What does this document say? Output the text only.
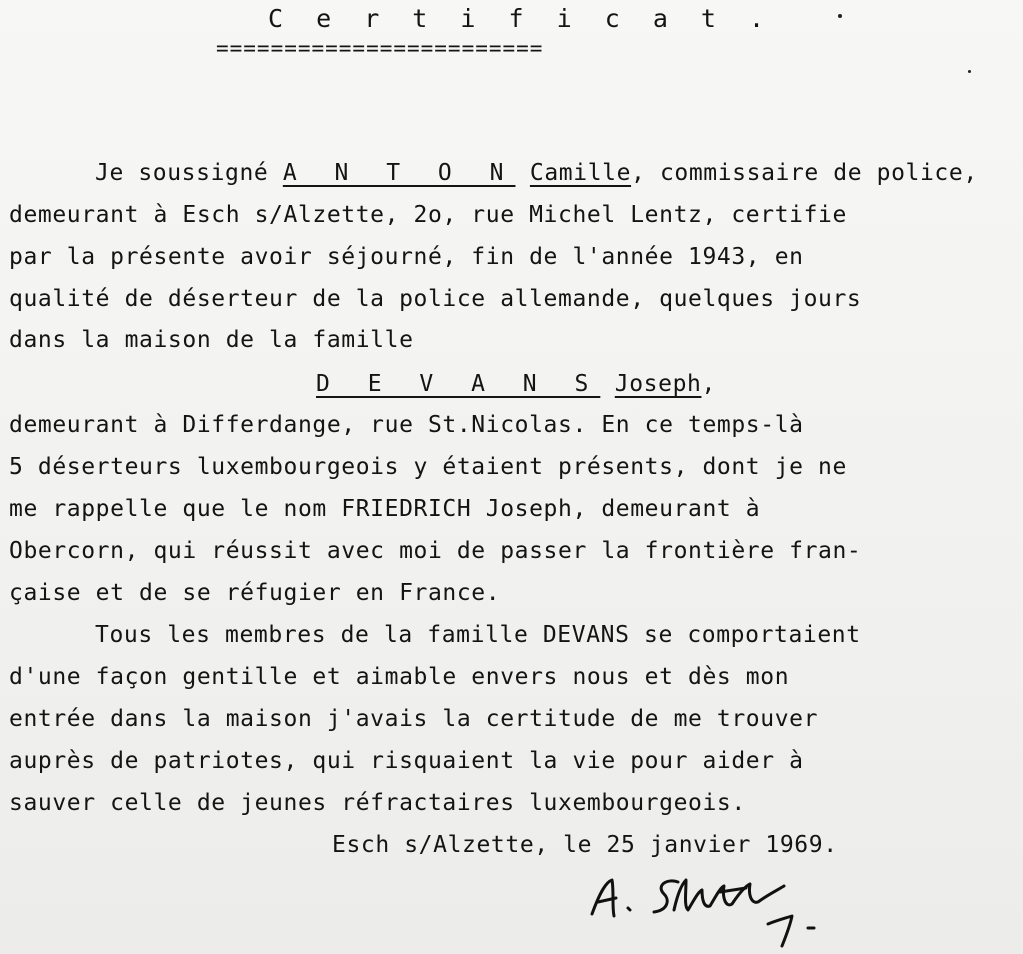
C e r t i f i c a t .
========================
Je soussigné A N T O N Camille, commissaire de police,
demeurant à Esch s/Alzette, 2o, rue Michel Lentz, certifie
par la présente avoir séjourné, fin de l'année 1943, en
qualité de déserteur de la police allemande, quelques jours
dans la maison de la famille
D E V A N S Joseph,
demeurant à Differdange, rue St.Nicolas. En ce temps-là
5 déserteurs luxembourgeois y étaient présents, dont je ne
me rappelle que le nom FRIEDRICH Joseph, demeurant à
Obercorn, qui réussit avec moi de passer la frontière fran-
çaise et de se réfugier en France.
Tous les membres de la famille DEVANS se comportaient
d'une façon gentille et aimable envers nous et dès mon
entrée dans la maison j'avais la certitude de me trouver
auprès de patriotes, qui risquaient la vie pour aider à
sauver celle de jeunes réfractaires luxembourgeois.
Esch s/Alzette, le 25 janvier 1969.
